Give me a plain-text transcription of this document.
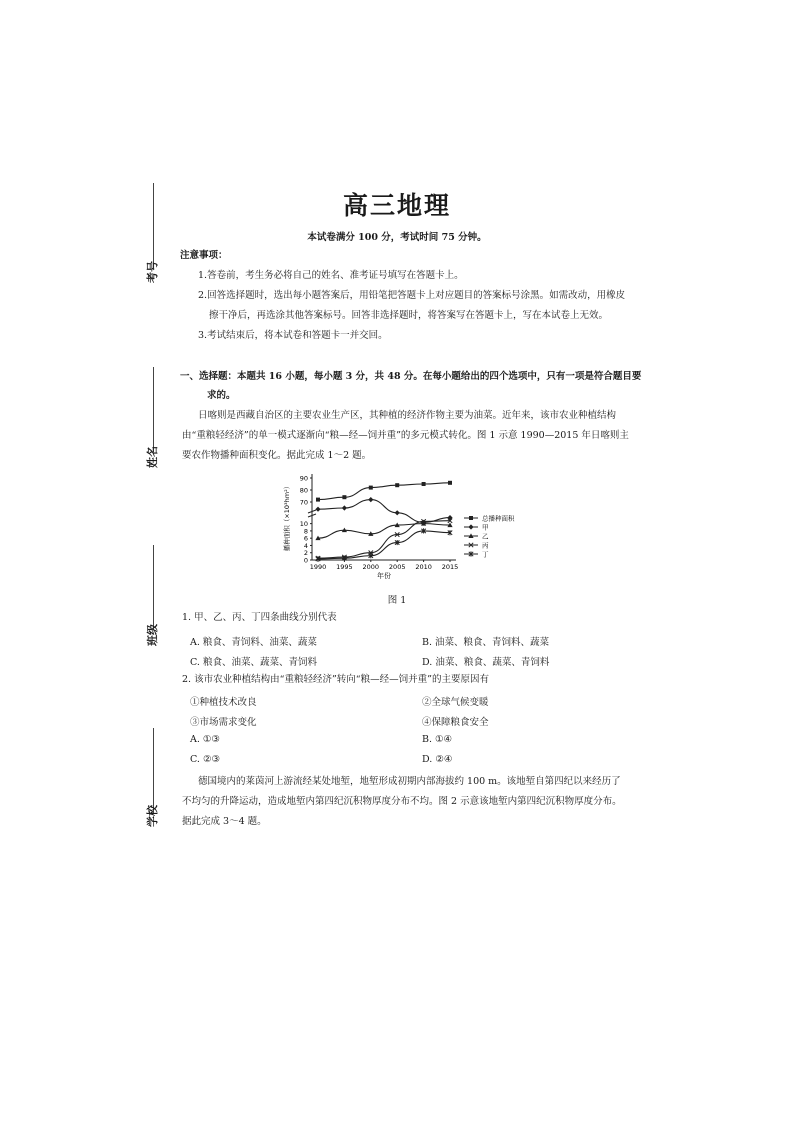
考号
姓名
班级
学校
高三地理
本试卷满分 100 分，考试时间 75 分钟。
注意事项：
1.答卷前，考生务必将自己的姓名、准考证号填写在答题卡上。
2.回答选择题时，选出每小题答案后，用铅笔把答题卡上对应题目的答案标号涂黑。如需改动，用橡皮
擦干净后，再选涂其他答案标号。回答非选择题时，将答案写在答题卡上，写在本试卷上无效。
3.考试结束后，将本试卷和答题卡一并交回。
一、选择题：本题共 16 小题，每小题 3 分，共 48 分。在每小题给出的四个选项中，只有一项是符合题目要
求的。
日喀则是西藏自治区的主要农业生产区，其种植的经济作物主要为油菜。近年来，该市农业种植结构
由“重粮轻经济”的单一模式逐渐向“粮—经—饲并重”的多元模式转化。图 1 示意 1990—2015 年日喀则主
要农作物播种面积变化。据此完成 1～2 题。
70
80
90
0
2
4
6
8
10
1990 1995 2000 2005 2010 2015
年份
播种面积（×10³hm²）	总播种面积
甲
乙
丙
丁
图 1
1. 甲、乙、丙、丁四条曲线分别代表
A. 粮食、青饲料、油菜、蔬菜	B. 油菜、粮食、青饲料、蔬菜
C. 粮食、油菜、蔬菜、青饲料	D. 油菜、粮食、蔬菜、青饲料
2. 该市农业种植结构由“重粮轻经济”转向“粮—经—饲并重”的主要原因有
①种植技术改良	②全球气候变暖
③市场需求变化	④保障粮食安全
A. ①③	B. ①④
C. ②③	D. ②④
德国境内的莱茵河上游流经某处地堑，地堑形成初期内部海拔约 100 m。该地堑自第四纪以来经历了
不均匀的升降运动，造成地堑内第四纪沉积物厚度分布不均。图 2 示意该地堑内第四纪沉积物厚度分布。
据此完成 3～4 题。
